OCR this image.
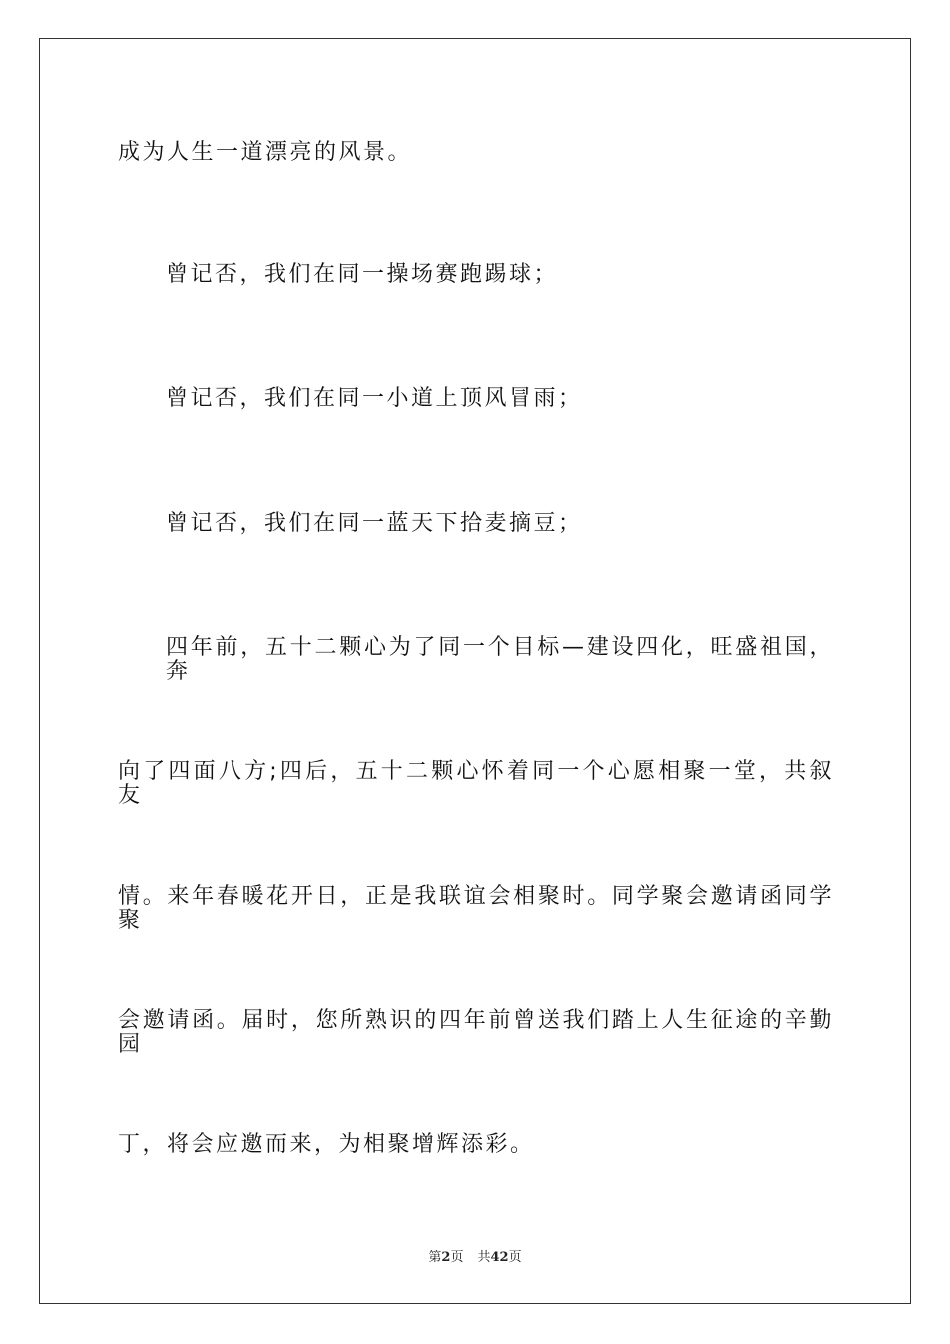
成为人生一道漂亮的风景。

曾记否，我们在同一操场赛跑踢球；

曾记否，我们在同一小道上顶风冒雨；

曾记否，我们在同一蓝天下拾麦摘豆；

四年前，五十二颗心为了同一个目标—建设四化，旺盛祖国，奔

向了四面八方;四后，五十二颗心怀着同一个心愿相聚一堂，共叙友

情。来年春暖花开日，正是我联谊会相聚时。同学聚会邀请函同学聚

会邀请函。届时，您所熟识的四年前曾送我们踏上人生征途的辛勤园

丁，将会应邀而来，为相聚增辉添彩。

第2页 共42页
